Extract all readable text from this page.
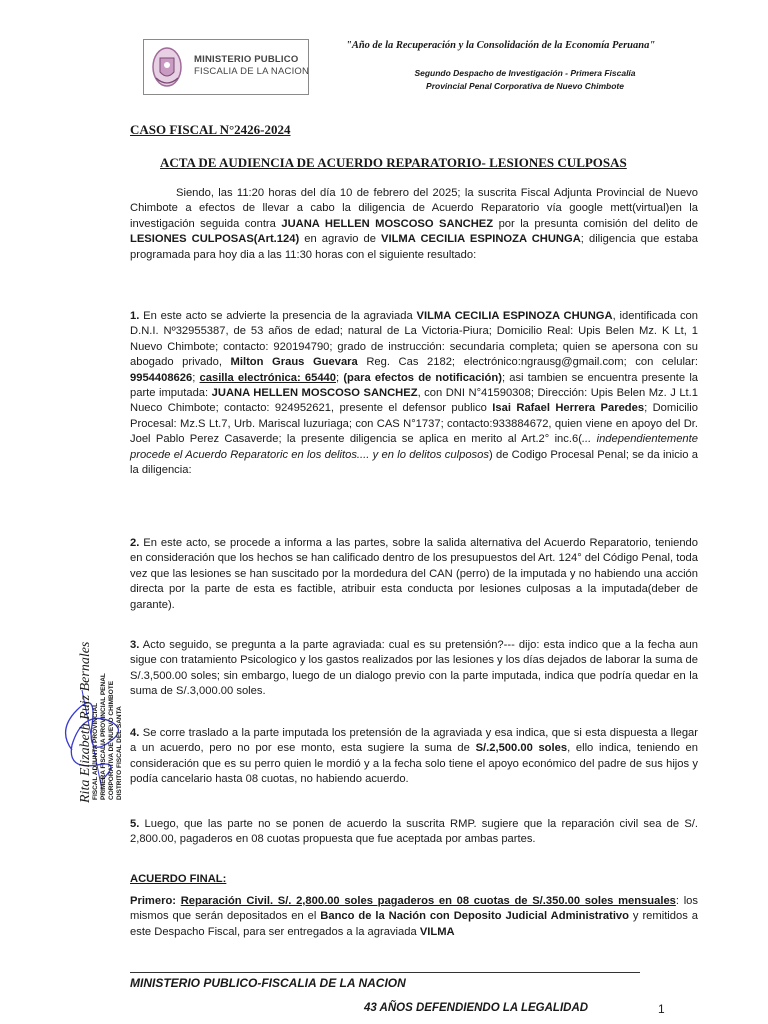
MINISTERIO PUBLICO
FISCALIA DE LA NACION
"Año de la Recuperación y la Consolidación de la Economía Peruana"
Segundo Despacho de Investigación - Primera Fiscalía
Provincial Penal Corporativa de Nuevo Chimbote
CASO FISCAL N°2426-2024
ACTA DE AUDIENCIA DE ACUERDO REPARATORIO- LESIONES CULPOSAS

Siendo, las 11:20 horas del día 10 de febrero del 2025; la suscrita Fiscal Adjunta Provincial de Nuevo Chimbote a efectos de llevar a cabo la diligencia de Acuerdo Reparatorio vía google mett(virtual)en la investigación seguida contra JUANA HELLEN MOSCOSO SANCHEZ por la presunta comisión del delito de LESIONES CULPOSAS(Art.124) en agravio de VILMA CECILIA ESPINOZA CHUNGA; diligencia que estaba programada para hoy dia a las 11:30 horas con el siguiente resultado:

1. En este acto se advierte la presencia de la agraviada VILMA CECILIA ESPINOZA CHUNGA, identificada con D.N.I. Nº32955387, de 53 años de edad; natural de La Victoria-Piura; Domicilio Real: Upis Belen Mz. K Lt, 1 Nuevo Chimbote; contacto: 920194790; grado de instrucción: secundaria completa; quien se apersona con su abogado privado, Milton Graus Guevara Reg. Cas 2182; electrónico:ngrausg@gmail.com; con celular: 9954408626; casilla electrónica: 65440; (para efectos de notificación); asi tambien se encuentra presente la parte imputada: JUANA HELLEN MOSCOSO SANCHEZ, con DNI N°41590308; Dirección: Upis Belen Mz. J Lt.1 Nueco Chimbote; contacto: 924952621, presente el defensor publico Isai Rafael Herrera Paredes; Domicilio Procesal: Mz.S Lt.7, Urb. Mariscal luzuriaga; con CAS N°1737; contacto:933884672, quien viene en apoyo del Dr. Joel Pablo Perez Casaverde; la presente diligencia se aplica en merito al Art.2° inc.6(... independientemente procede el Acuerdo Reparatoric en los delitos.... y en lo delitos culposos) de Codigo Procesal Penal; se da inicio a la diligencia:

2. En este acto, se procede a informa a las partes, sobre la salida alternativa del Acuerdo Reparatorio, teniendo en consideración que los hechos se han calificado dentro de los presupuestos del Art. 124° del Código Penal, toda vez que las lesiones se han suscitado por la mordedura del CAN (perro) de la imputada y no habiendo una acción directa por la parte de esta es factible, atribuir esta conducta por lesiones culposas a la imputada(deber de garante).

3. Acto seguido, se pregunta a la parte agraviada: cual es su pretensión?--- dijo: esta indico que a la fecha aun sigue con tratamiento Psicologico y los gastos realizados por las lesiones y los días dejados de laborar la suma de S/.3,500.00 soles; sin embargo, luego de un dialogo previo con la parte imputada, indica que podría quedar en la suma de S/.3,000.00 soles.

4. Se corre traslado a la parte imputada los pretensión de la agraviada y esa indica, que si esta dispuesta a llegar a un acuerdo, pero no por ese monto, esta sugiere la suma de S/.2,500.00 soles, ello indica, teniendo en consideración que es su perro quien le mordió y a la fecha solo tiene el apoyo económico del padre de sus hijos y podía cancelario hasta 08 cuotas, no habiendo acuerdo.

5. Luego, que las parte no se ponen de acuerdo la suscrita RMP. sugiere que la reparación civil sea de S/. 2,800.00, pagaderos en 08 cuotas propuesta que fue aceptada por ambas partes.

ACUERDO FINAL:

Primero: Reparación Civil. S/. 2,800.00 soles pagaderos en 08 cuotas de S/.350.00 soles mensuales: los mismos que serán depositados en el Banco de la Nación con Deposito Judicial Administrativo y remitidos a este Despacho Fiscal, para ser entregados a la agraviada VILMA

Rita Elizabeth Ruiz Bernales FISCAL ADJUNTA PROVINCIAL PRIMERA FISCALIA PROVINCIAL PENAL CORPORATIVA DE NUEVO CHIMBOTE DISTRITO FISCAL DEL SANTA
MINISTERIO PUBLICO-FISCALIA DE LA NACION
43 AÑOS DEFENDIENDO LA LEGALIDAD	1
